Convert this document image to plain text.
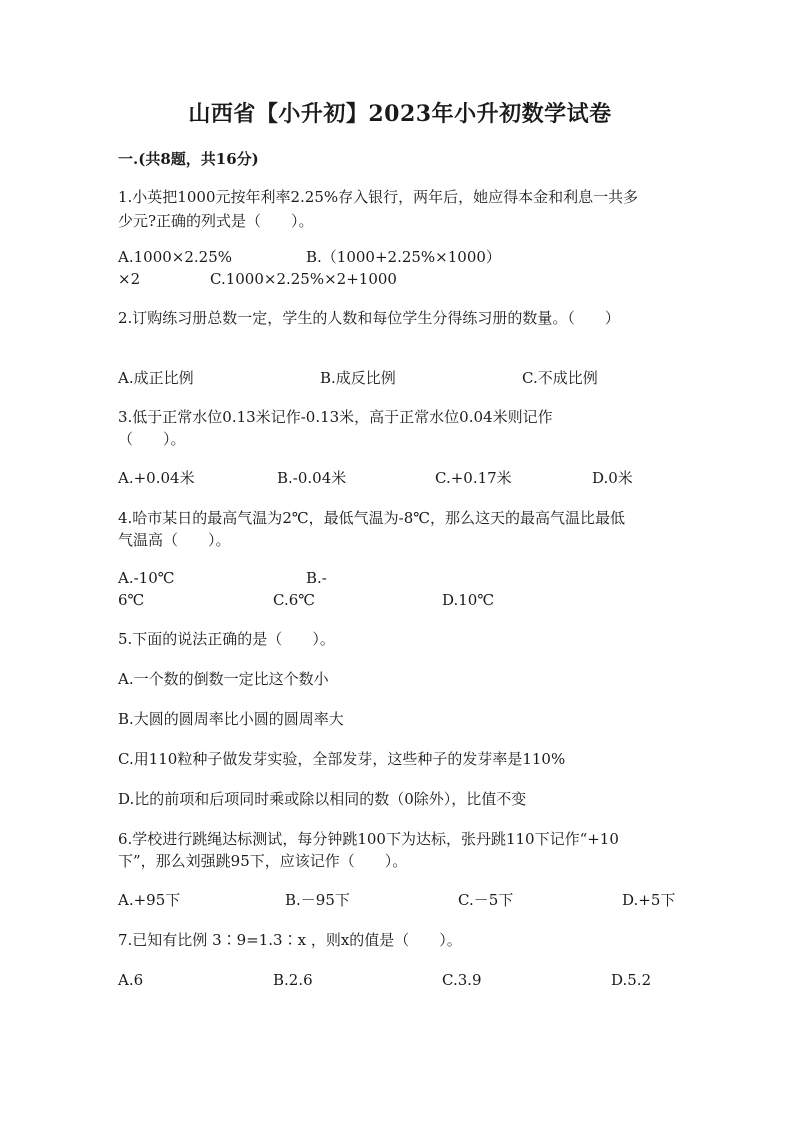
山西省【小升初】2023年小升初数学试卷
一.(共8题，共16分)
1.小英把1000元按年利率2.25%存入银行，两年后，她应得本金和利息一共多
少元?正确的列式是（　　）。
A.1000×2.25%	B.（1000+2.25%×1000）
×2	C.1000×2.25%×2+1000
2.订购练习册总数一定，学生的人数和每位学生分得练习册的数量。（　　）
A.成正比例	B.成反比例	C.不成比例
3.低于正常水位0.13米记作-0.13米，高于正常水位0.04米则记作
（　　）。
A.+0.04米	B.-0.04米	C.+0.17米	D.0米
4.哈市某日的最高气温为2℃，最低气温为-8℃，那么这天的最高气温比最低
气温高（　　）。
A.-10℃	B.-
6℃	C.6℃	D.10℃
5.下面的说法正确的是（　　）。
A.一个数的倒数一定比这个数小
B.大圆的圆周率比小圆的圆周率大
C.用110粒种子做发芽实验，全部发芽，这些种子的发芽率是110%
D.比的前项和后项同时乘或除以相同的数（0除外），比值不变
6.学校进行跳绳达标测试，每分钟跳100下为达标，张丹跳110下记作“+10
下”，那么刘强跳95下，应该记作（　　）。
A.+95下	B.－95下	C.－5下	D.+5下
7.已知有比例 3∶9=1.3∶x ，则x的值是（　　）。
A.6	B.2.6	C.3.9	D.5.2
